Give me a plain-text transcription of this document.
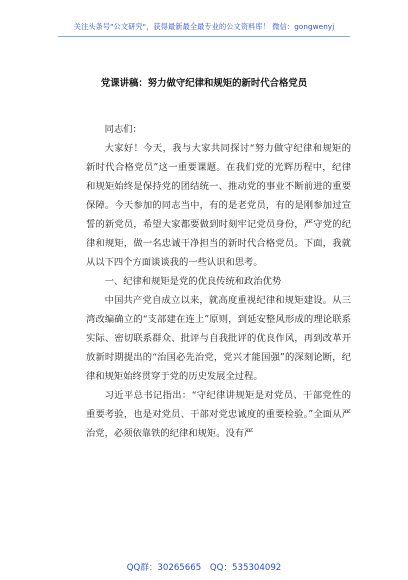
关注头条号"公文研究"，获得最新最全最专业的公文资料库！ 微信：gongwenyj
党课讲稿：努力做守纪律和规矩的新时代合格党员

同志们：

大家好！今天，我与大家共同探讨“努力做守纪律和规矩的新时代合格党员”这一重要课题。在我们党的光辉历程中，纪律和规矩始终是保持党的团结统一、推动党的事业不断前进的重要保障。今天参加的同志当中，有的是老党员，有的是刚参加过宣誓的新党员，希望大家都要做到时刻牢记党员身份，严守党的纪律和规矩，做一名忠诚干净担当的新时代合格党员。下面，我就从以下四个方面谈谈我的一些认识和思考。

一、纪律和规矩是党的优良传统和政治优势

中国共产党自成立以来，就高度重视纪律和规矩建设。从三湾改编确立的“支部建在连上”原则，到延安整风形成的理论联系实际、密切联系群众、批评与自我批评的优良作风，再到改革开放新时期提出的“治国必先治党，党兴才能国强”的深刻论断，纪律和规矩始终贯穿于党的历史发展全过程。

习近平总书记指出：“守纪律讲规矩是对党员、干部党性的重要考验，也是对党员、干部对党忠诚度的重要检验。”全面从严治党，必须依靠铁的纪律和规矩。没有严

QQ群：30265665 QQ：535304092
